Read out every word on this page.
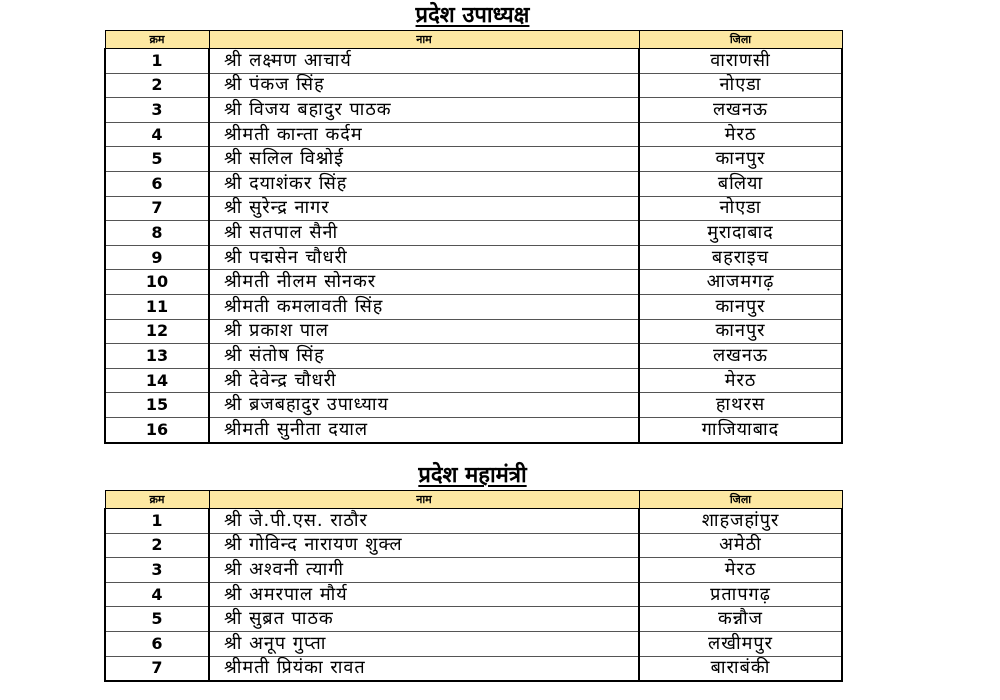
प्रदेश उपाध्यक्ष
क्रम	नाम	जिला
1	श्री लक्ष्मण आचार्य	वाराणसी
2	श्री पंकज सिंह	नोएडा
3	श्री विजय बहादुर पाठक	लखनऊ
4	श्रीमती कान्ता कर्दम	मेरठ
5	श्री सलिल विश्नोई	कानपुर
6	श्री दयाशंकर सिंह	बलिया
7	श्री सुरेन्द्र नागर	नोएडा
8	श्री सतपाल सैनी	मुरादाबाद
9	श्री पद्मसेन चौधरी	बहराइच
10	श्रीमती नीलम सोनकर	आजमगढ़
11	श्रीमती कमलावती सिंह	कानपुर
12	श्री प्रकाश पाल	कानपुर
13	श्री संतोष सिंह	लखनऊ
14	श्री देवेन्द्र चौधरी	मेरठ
15	श्री ब्रजबहादुर उपाध्याय	हाथरस
16	श्रीमती सुनीता दयाल	गाजियाबाद
प्रदेश महामंत्री
क्रम	नाम	जिला
1	श्री जे.पी.एस. राठौर	शाहजहांपुर
2	श्री गोविन्द नारायण शुक्ल	अमेठी
3	श्री अश्वनी त्यागी	मेरठ
4	श्री अमरपाल मौर्य	प्रतापगढ़
5	श्री सुब्रत पाठक	कन्नौज
6	श्री अनूप गुप्ता	लखीमपुर
7	श्रीमती प्रियंका रावत	बाराबंकी
